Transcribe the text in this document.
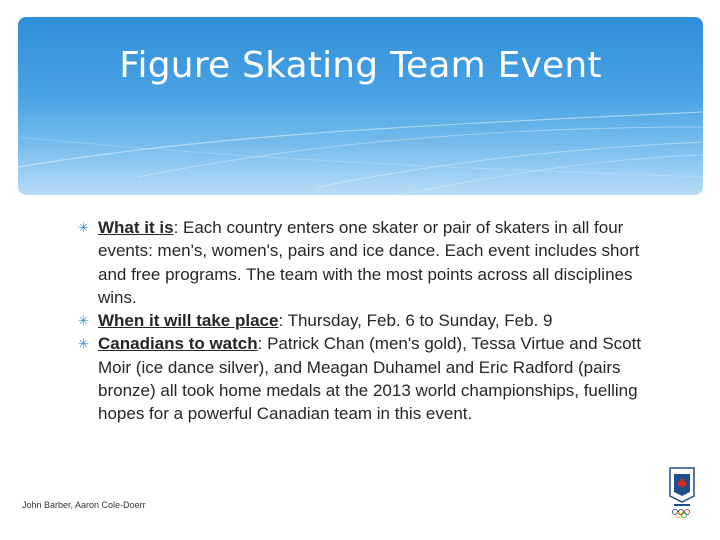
Figure Skating Team Event
✳ What it is: Each country enters one skater or pair of skaters in all four events: men's, women's, pairs and ice dance. Each event includes short and free programs. The team with the most points across all disciplines wins.
✳ When it will take place: Thursday, Feb. 6 to Sunday, Feb. 9
✳ Canadians to watch: Patrick Chan (men's gold), Tessa Virtue and Scott Moir (ice dance silver), and Meagan Duhamel and Eric Radford (pairs bronze) all took home medals at the 2013 world championships, fuelling hopes for a powerful Canadian team in this event.
John Barber, Aaron Cole-Doerr
